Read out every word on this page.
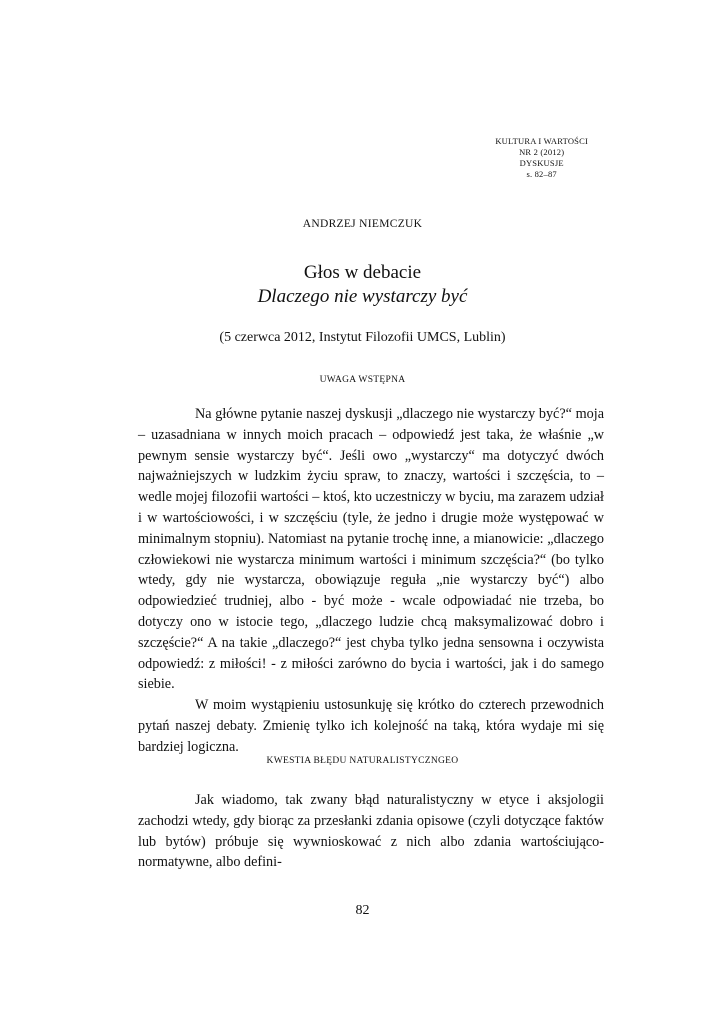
KULTURA I WARTOŚCI
NR 2 (2012)
DYSKUSJE
s. 82–87
ANDRZEJ NIEMCZUK
Głos w debacie
Dlaczego nie wystarczy być
(5 czerwca 2012, Instytut Filozofii UMCS, Lublin)
UWAGA WSTĘPNA

Na główne pytanie naszej dyskusji „dlaczego nie wystarczy być?“ moja – uzasadniana w innych moich pracach – odpowiedź jest taka, że właśnie „w pewnym sensie wystarczy być“. Jeśli owo „wystarczy“ ma dotyczyć dwóch najważniejszych w ludzkim życiu spraw, to znaczy, wartości i szczęścia, to – wedle mojej filozofii wartości – ktoś, kto uczestniczy w byciu, ma zarazem udział i w wartościowości, i w szczęściu (tyle, że jedno i drugie może występować w minimalnym stopniu). Natomiast na pytanie trochę inne, a mianowicie: „dlaczego człowiekowi nie wystarcza minimum wartości i minimum szczęścia?“ (bo tylko wtedy, gdy nie wystarcza, obowiązuje reguła „nie wystarczy być“) albo odpowiedzieć trudniej, albo - być może - wcale odpowiadać nie trzeba, bo dotyczy ono w istocie tego, „dlaczego ludzie chcą maksymalizować dobro i szczęście?“ A na takie „dlaczego?“ jest chyba tylko jedna sensowna i oczywista odpowiedź: z miłości! - z miłości zarówno do bycia i wartości, jak i do samego siebie.

W moim wystąpieniu ustosunkuję się krótko do czterech przewodnich pytań naszej debaty. Zmienię tylko ich kolejność na taką, która wydaje mi się bardziej logiczna.

KWESTIA BŁĘDU NATURALISTYCZNGEO

Jak wiadomo, tak zwany błąd naturalistyczny w etyce i aksjologii zachodzi wtedy, gdy biorąc za przesłanki zdania opisowe (czyli dotyczące faktów lub bytów) próbuje się wywnioskować z nich albo zdania wartościująco-normatywne, albo defini-

82
